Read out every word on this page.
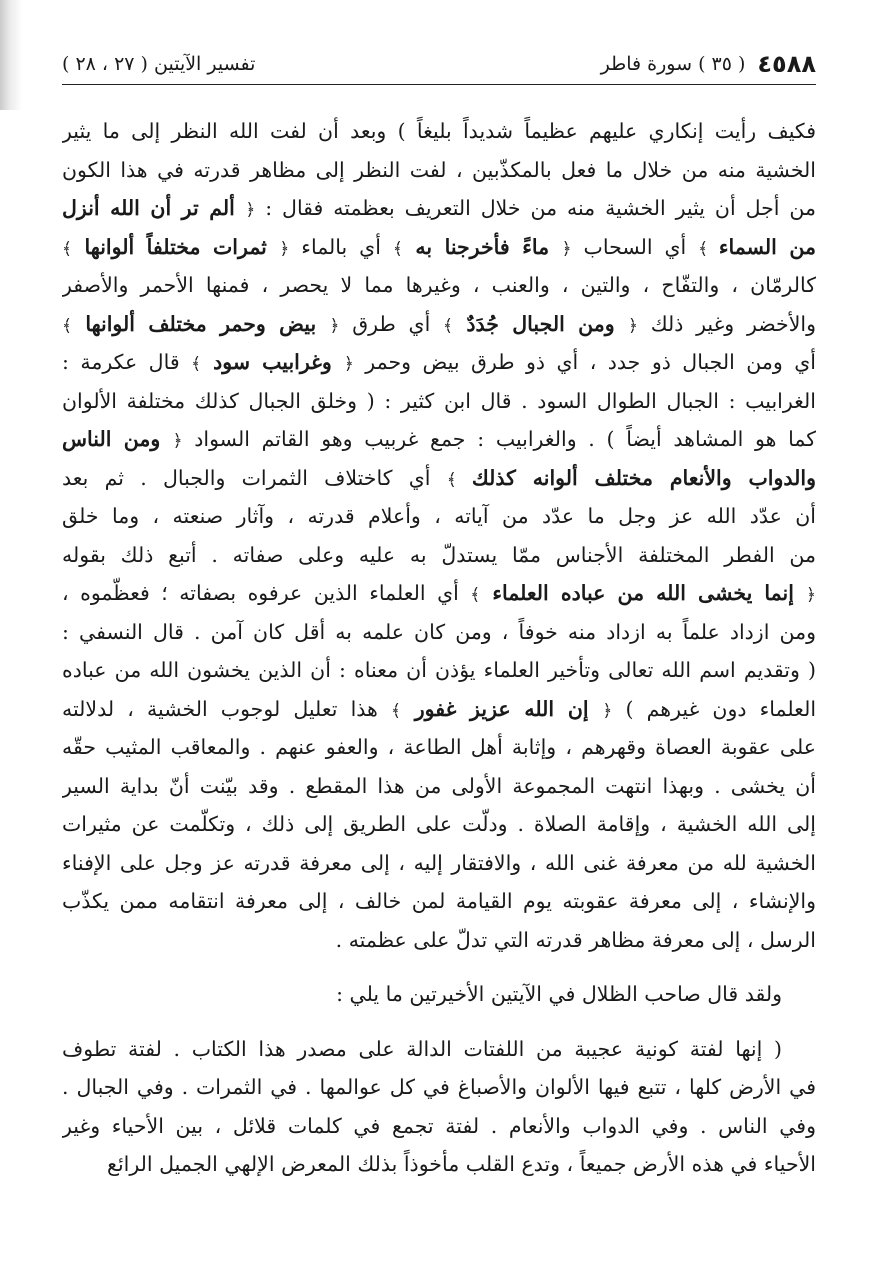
٤٥٨٨
( ٣٥ ) سورة فاطر
تفسير الآيتين ( ٢٧ ، ٢٨ )
فكيف رأيت إنكاري عليهم عظيماً شديداً بليغاً ) وبعد أن لفت الله النظر إلى ما يثير
الخشية منه من خلال ما فعل بالمكذّبين ، لفت النظر إلى مظاهر قدرته في هذا الكون
من أجل أن يثير الخشية منه من خلال التعريف بعظمته فقال : ﴿ ألم تر أن الله أنزل
من السماء ﴾ أي السحاب ﴿ ماءً فأخرجنا به ﴾ أي بالماء ﴿ ثمرات مختلفاً ألوانها ﴾
كالرمّان ، والتفّاح ، والتين ، والعنب ، وغيرها مما لا يحصر ، فمنها الأحمر والأصفر
والأخضر وغير ذلك ﴿ ومن الجبال جُدَدٌ ﴾ أي طرق ﴿ بيض وحمر مختلف ألوانها ﴾
أي ومن الجبال ذو جدد ، أي ذو طرق بيض وحمر ﴿ وغرابيب سود ﴾ قال عكرمة :
الغرابيب : الجبال الطوال السود . قال ابن كثير : ( وخلق الجبال كذلك مختلفة الألوان
كما هو المشاهد أيضاً ) . والغرابيب : جمع غربيب وهو القاتم السواد ﴿ ومن الناس
والدواب والأنعام مختلف ألوانه كذلك ﴾ أي كاختلاف الثمرات والجبال . ثم بعد
أن عدّد الله عز وجل ما عدّد من آياته ، وأعلام قدرته ، وآثار صنعته ، وما خلق
من الفطر المختلفة الأجناس ممّا يستدلّ به عليه وعلى صفاته . أتبع ذلك بقوله
﴿ إنما يخشى الله من عباده العلماء ﴾ أي العلماء الذين عرفوه بصفاته ؛ فعظّموه ،
ومن ازداد علماً به ازداد منه خوفاً ، ومن كان علمه به أقل كان آمن . قال النسفي :
( وتقديم اسم الله تعالى وتأخير العلماء يؤذن أن معناه : أن الذين يخشون الله من عباده
العلماء دون غيرهم ) ﴿ إن الله عزيز غفور ﴾ هذا تعليل لوجوب الخشية ، لدلالته
على عقوبة العصاة وقهرهم ، وإثابة أهل الطاعة ، والعفو عنهم . والمعاقب المثيب حقّه
أن يخشى . وبهذا انتهت المجموعة الأولى من هذا المقطع . وقد بيّنت أنّ بداية السير
إلى الله الخشية ، وإقامة الصلاة . ودلّت على الطريق إلى ذلك ، وتكلّمت عن مثيرات
الخشية لله من معرفة غنى الله ، والافتقار إليه ، إلى معرفة قدرته عز وجل على الإفناء
والإنشاء ، إلى معرفة عقوبته يوم القيامة لمن خالف ، إلى معرفة انتقامه ممن يكذّب
الرسل ، إلى معرفة مظاهر قدرته التي تدلّ على عظمته .
ولقد قال صاحب الظلال في الآيتين الأخيرتين ما يلي :
( إنها لفتة كونية عجيبة من اللفتات الدالة على مصدر هذا الكتاب . لفتة تطوف
في الأرض كلها ، تتبع فيها الألوان والأصباغ في كل عوالمها . في الثمرات . وفي الجبال .
وفي الناس . وفي الدواب والأنعام . لفتة تجمع في كلمات قلائل ، بين الأحياء وغير
الأحياء في هذه الأرض جميعاً ، وتدع القلب مأخوذاً بذلك المعرض الإلهي الجميل الرائع
